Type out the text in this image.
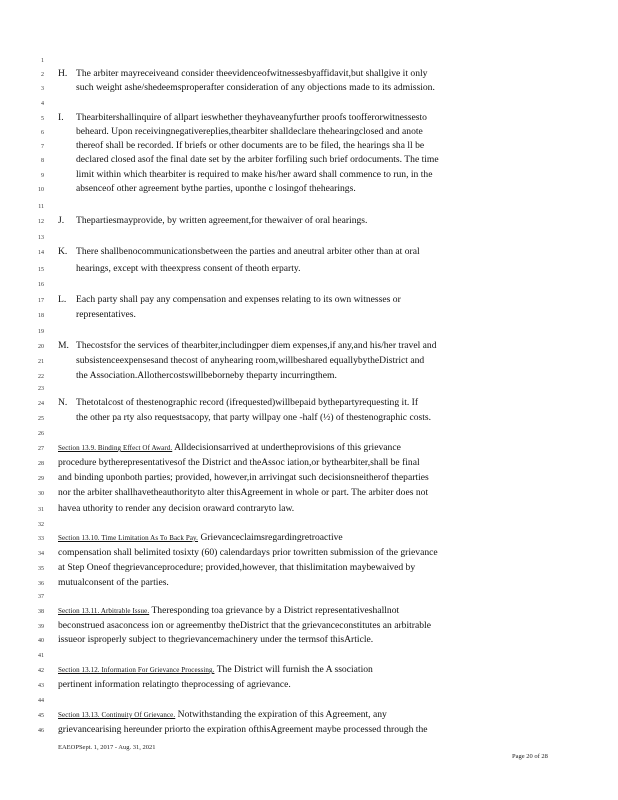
1
2
3
4
5
6
7
8
9
10
11
12
13
14
15
16
17
18
19
20
21
22
23
24
25
26
27
28
29
30
31
32
33
34
35
36
37
38
39
40
41
42
43
44
45
46
H. The arbiter mayreceiveand consider theevidenceofwitnessesbyaffidavit,but shallgive it only
such weight ashe/shedeemsproperafter consideration of any objections made to its admission.
I. Thearbitershallinquire of allpart ieswhether theyhaveanyfurther proofs toofferorwitnessesto
beheard. Upon receivingnegativereplies,thearbiter shalldeclare thehearingclosed and anote
thereof shall be recorded. If briefs or other documents are to be filed, the hearings sha ll be
declared closed asof the final date set by the arbiter forfiling such brief ordocuments. The time
limit within which thearbiter is required to make his/her award shall commence to run, in the
absenceof other agreement bythe parties, uponthe c losingof thehearings.
J. Thepartiesmayprovide, by written agreement,for thewaiver of oral hearings.
K. There shallbenocommunicationsbetween the parties and aneutral arbiter other than at oral
hearings, except with theexpress consent of theoth erparty.
L. Each party shall pay any compensation and expenses relating to its own witnesses or
representatives.
M. Thecostsfor the services of thearbiter,includingper diem expenses,if any,and his/her travel and
subsistenceexpensesand thecost of anyhearing room,willbeshared equallybytheDistrict and
the Association.Allothercostswillbeborneby theparty incurringthem.
N. Thetotalcost of thestenographic record (ifrequested)willbepaid bythepartyrequesting it. If
the other pa rty also requestsacopy, that party willpay one -half (½) of thestenographic costs.
Section 13.9. Binding Effect Of Award. Alldecisionsarrived at undertheprovisions of this grievance
procedure bytherepresentativesof the District and theAssoc iation,or bythearbiter,shall be final
and binding uponboth parties; provided, however,in arrivingat such decisionsneitherof theparties
nor the arbiter shallhavetheauthorityto alter thisAgreement in whole or part. The arbiter does not
havea uthority to render any decision oraward contraryto law.
Section 13.10. Time Limitation As To Back Pay. Grievanceclaimsregardingretroactive
compensation shall belimited tosixty (60) calendardays prior towritten submission of the grievance
at Step Oneof thegrievanceprocedure; provided,however, that thislimitation maybewaived by
mutualconsent of the parties.
Section 13.11. Arbitrable Issue. Theresponding toa grievance by a District representativeshallnot
beconstrued asaconcess ion or agreementby theDistrict that the grievanceconstitutes an arbitrable
issueor isproperly subject to thegrievancemachinery under the termsof thisArticle.
Section 13.12. Information For Grievance Processing. The District will furnish the A ssociation
pertinent information relatingto theprocessing of agrievance.
Section 13.13. Continuity Of Grievance. Notwithstanding the expiration of this Agreement, any
grievancearising hereunder priorto the expiration ofthisAgreement maybe processed through the
EAEOPSept. 1, 2017 - Aug. 31, 2021
Page 20 of 28
